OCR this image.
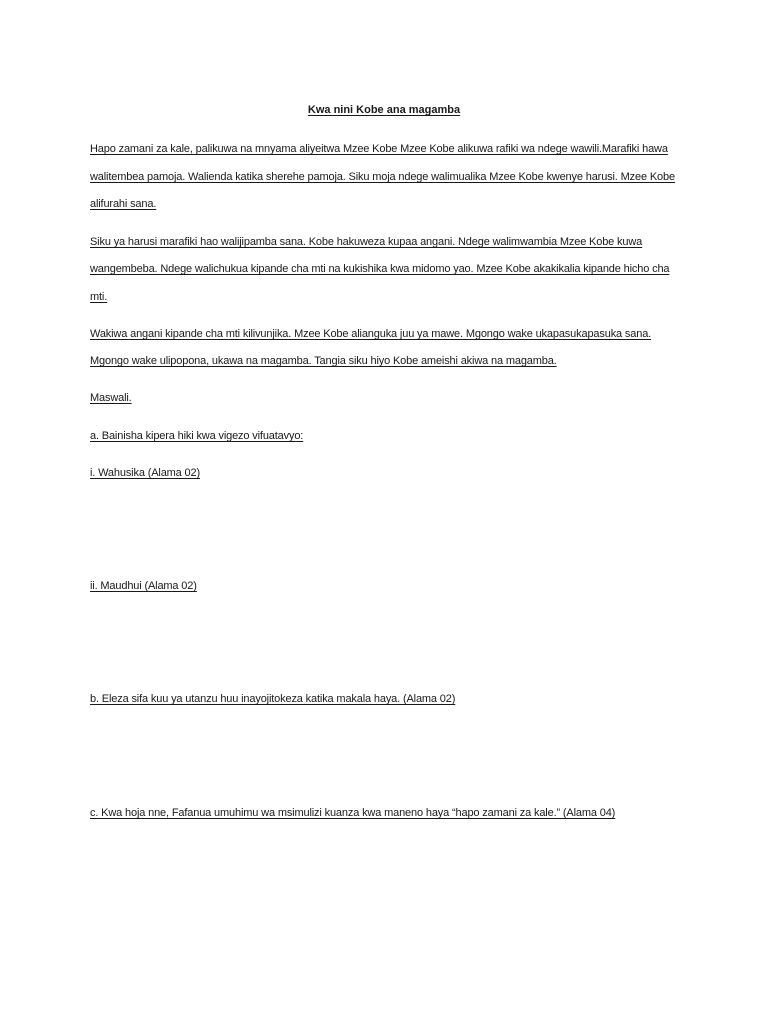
Kwa nini Kobe ana magamba
Hapo zamani za kale, palikuwa na mnyama aliyeitwa Mzee Kobe Mzee Kobe alikuwa rafiki wa ndege wawili.Marafiki hawa
walitembea pamoja. Walienda katika sherehe pamoja. Siku moja ndege walimualika Mzee Kobe kwenye harusi. Mzee Kobe
alifurahi sana.
Siku ya harusi marafiki hao walijipamba sana. Kobe hakuweza kupaa angani. Ndege walimwambia Mzee Kobe kuwa
wangembeba. Ndege walichukua kipande cha mti na kukishika kwa midomo yao. Mzee Kobe akakikalia kipande hicho cha
mti.
Wakiwa angani kipande cha mti kilivunjika. Mzee Kobe alianguka juu ya mawe. Mgongo wake ukapasukapasuka sana.
Mgongo wake ulipopona, ukawa na magamba. Tangia siku hiyo Kobe ameishi akiwa na magamba.
Maswali.
a. Bainisha kipera hiki kwa vigezo vifuatavyo:
i. Wahusika (Alama 02)
ii. Maudhui (Alama 02)
b. Eleza sifa kuu ya utanzu huu inayojitokeza katika makala haya. (Alama 02)
c. Kwa hoja nne, Fafanua umuhimu wa msimulizi kuanza kwa maneno haya “hapo zamani za kale.” (Alama 04)
